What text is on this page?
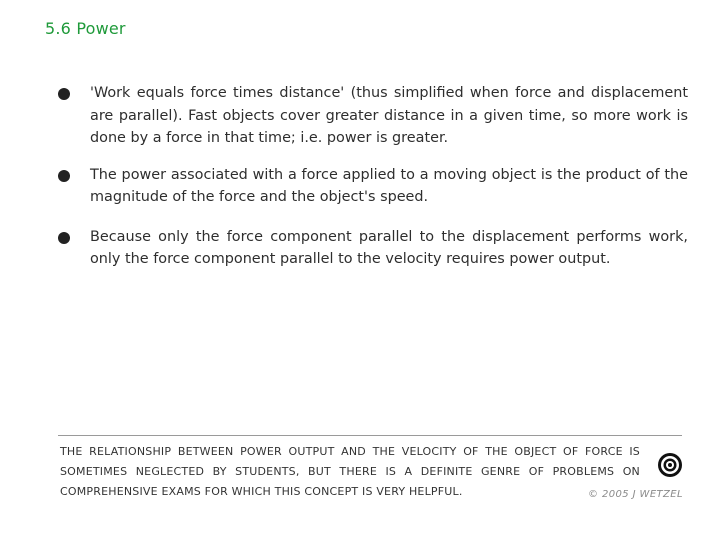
5.6 Power
'Work equals force times distance' (thus simplified when force and displacement are parallel). Fast objects cover greater distance in a given time, so more work is done by a force in that time; i.e. power is greater.
The power associated with a force applied to a moving object is the product of the magnitude of the force and the object's speed.
Because only the force component parallel to the displacement performs work, only the force component parallel to the velocity requires power output.

THE RELATIONSHIP BETWEEN POWER OUTPUT AND THE VELOCITY OF THE OBJECT OF FORCE IS SOMETIMES NEGLECTED BY STUDENTS, BUT THERE IS A DEFINITE GENRE OF PROBLEMS ON COMPREHENSIVE EXAMS FOR WHICH THIS CONCEPT IS VERY HELPFUL.	© 2005 J WETZEL
